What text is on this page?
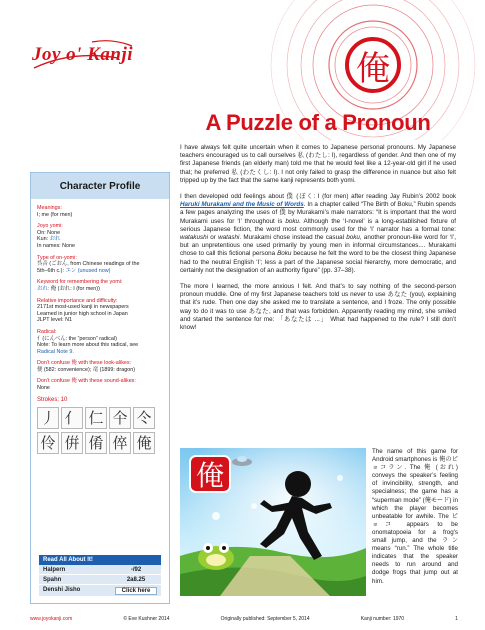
Joy o' Kanji	俺
A Puzzle of a Pronoun
Character Profile
Meanings:
I; me (for men)
Joyo yomi:
On: None
Kun: おれ
In names: None
Type of on-yomi:
呉音 (ごおん, from Chinese readings of the
5th–6th c.): エン (unused now)
Keyword for remembering the yomi:
おれ: 俺 (おれ: I (for men))
Relative importance and difficulty:
2171st most-used kanji in newspapers
Learned in junior high school in Japan
JLPT level: N1
Radical:
亻(にんべん: the “person” radical)
Note: To learn more about this radical, see
Radical Note 9.
Don’t confuse 俺 with these look-alikes:
便 (582: convenience); 竜 (1899: dragon)
Don’t confuse 俺 with these sound-alikes:
None
Strokes: 10
丿 亻 仁 仐 仒
伶 倂 倄 倅 俺
Read All About It!
Halpern	-/92
Spahn	2a8.25
Denshi Jisho	Click here

I have always felt quite uncertain when it comes to Japanese personal pronouns. My Japanese teachers encouraged us to call ourselves 私 (わたし: I), regardless of gender. And then one of my first Japanese friends (an elderly man) told me that he would feel like a 12-year-old girl if he used that; he preferred 私 (わたくし: I). I not only failed to grasp the difference in nuance but also felt tripped up by the fact that the same kanji represents both yomi.

I then developed odd feelings about 僕 (ぼく: I (for men) after reading Jay Rubin’s 2002 book Haruki Murakami and the Music of Words. In a chapter called “The Birth of Boku,” Rubin spends a few pages analyzing the uses of 僕 by Murakami’s male narrators: “It is important that the word Murakami uses for ‘I’ throughout is boku. Although the ‘I-novel’ is a long-established fixture of serious Japanese fiction, the word most commonly used for the ‘I’ narrator has a formal tone: watakushi or watashi. Murakami chose instead the casual boku, another pronoun-like word for ‘I’, but an unpretentious one used primarily by young men in informal circumstances.... Murakami chose to call this fictional persona Boku because he felt the word to be the closest thing Japanese had to the neutral English ‘I’; less a part of the Japanese social hierarchy, more democratic, and certainly not the designation of an authority figure” (pp. 37–38).

The more I learned, the more anxious I felt. And that’s to say nothing of the second-person pronoun muddle. One of my first Japanese teachers told us never to use あなた (you), explaining that it’s rude. Then one day she asked me to translate a sentence, and I froze. The only possible way to do it was to use あなた, and that was forbidden. Apparently reading my mind, she smiled and started the sentence for me: 「あなたは ...」 What had happened to the rule? I still don’t know!

俺
The name of this game for Android smartphones is 俺のピョコラン. The 俺 (おれ) conveys the speaker’s feeling of invincibility, strength, and specialness; the game has a “superman mode” (俺モード) in which the player becomes unbeatable for awhile. The ピョコ appears to be onomatopoeia for a frog’s small jump, and the ラン means “run.” The whole title indicates that the speaker needs to run around and dodge frogs that jump out at him.
www.joyokanji.com	© Eve Kushner 2014	Originally published: September 5, 2014	Kanji number: 1970	1
